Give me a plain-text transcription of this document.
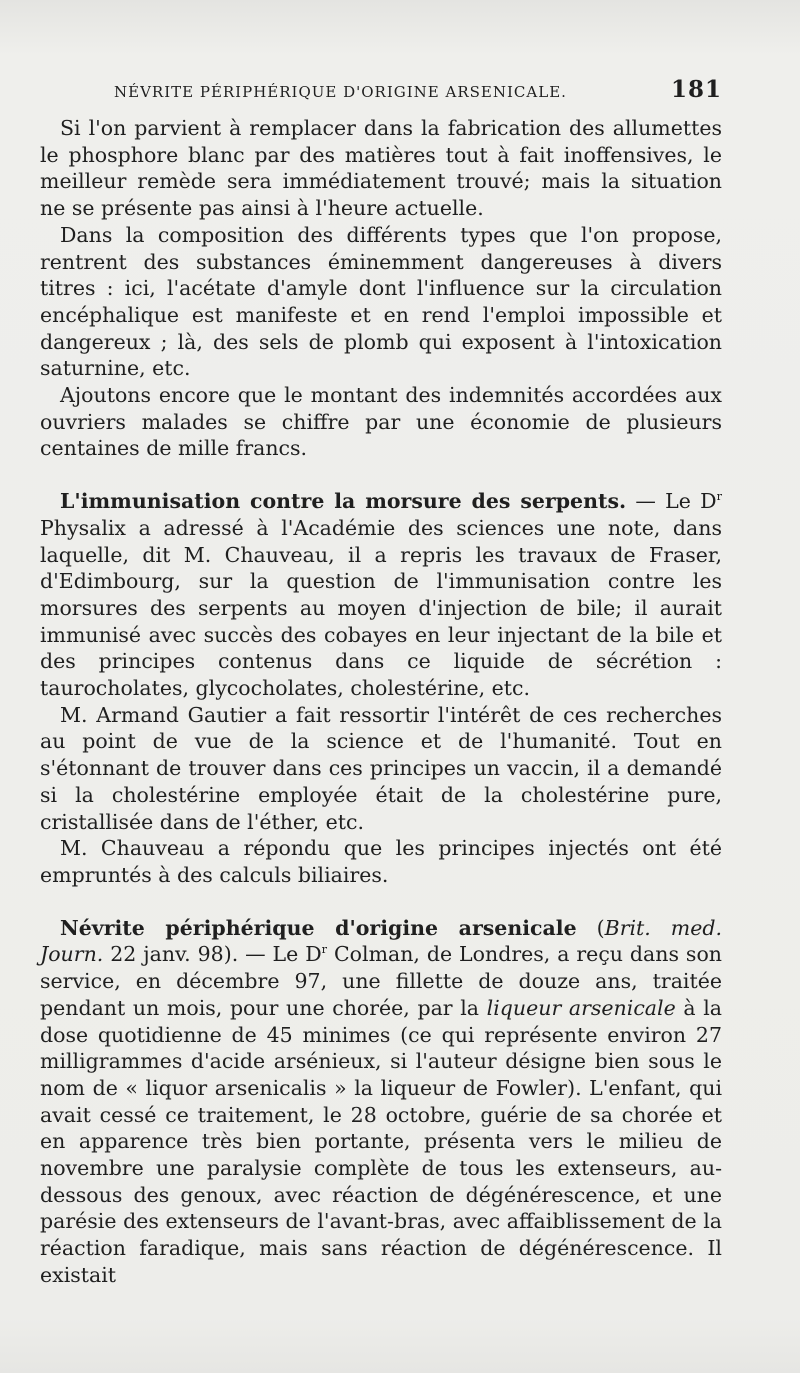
NÉVRITE PÉRIPHÉRIQUE D'ORIGINE ARSENICALE.	181

Si l'on parvient à remplacer dans la fabrication des allumettes le phosphore blanc par des matières tout à fait inoffensives, le meilleur remède sera immédiatement trouvé; mais la situation ne se présente pas ainsi à l'heure actuelle.

Dans la composition des différents types que l'on propose, rentrent des substances éminemment dangereuses à divers titres : ici, l'acétate d'amyle dont l'influence sur la circulation encéphalique est manifeste et en rend l'emploi impossible et dangereux ; là, des sels de plomb qui exposent à l'intoxication saturnine, etc.

Ajoutons encore que le montant des indemnités accordées aux ouvriers malades se chiffre par une économie de plusieurs centaines de mille francs.

L'immunisation contre la morsure des serpents. — Le $D^r$ Physalix a adressé à l'Académie des sciences une note, dans laquelle, dit M. Chauveau, il a repris les travaux de Fraser, d'Edimbourg, sur la question de l'immunisation contre les morsures des serpents au moyen d'injection de bile; il aurait immunisé avec succès des cobayes en leur injectant de la bile et des principes contenus dans ce liquide de sécrétion : taurocholates, glycocholates, cholestérine, etc.

M. Armand Gautier a fait ressortir l'intérêt de ces recherches au point de vue de la science et de l'humanité. Tout en s'étonnant de trouver dans ces principes un vaccin, il a demandé si la cholestérine employée était de la cholestérine pure, cristallisée dans de l'éther, etc.

M. Chauveau a répondu que les principes injectés ont été empruntés à des calculs biliaires.

Névrite périphérique d'origine arsenicale (Brit. med. Journ. 22 janv. 98). — Le $D^r$ Colman, de Londres, a reçu dans son service, en décembre 97, une fillette de douze ans, traitée pendant un mois, pour une chorée, par la liqueur arsenicale à la dose quotidienne de 45 minimes (ce qui représente environ 27 milligrammes d'acide arsénieux, si l'auteur désigne bien sous le nom de « liquor arsenicalis » la liqueur de Fowler). L'enfant, qui avait cessé ce traitement, le 28 octobre, guérie de sa chorée et en apparence très bien portante, présenta vers le milieu de novembre une paralysie complète de tous les extenseurs, au-dessous des genoux, avec réaction de dégénérescence, et une parésie des extenseurs de l'avant-bras, avec affaiblissement de la réaction faradique, mais sans réaction de dégénérescence. Il existait
